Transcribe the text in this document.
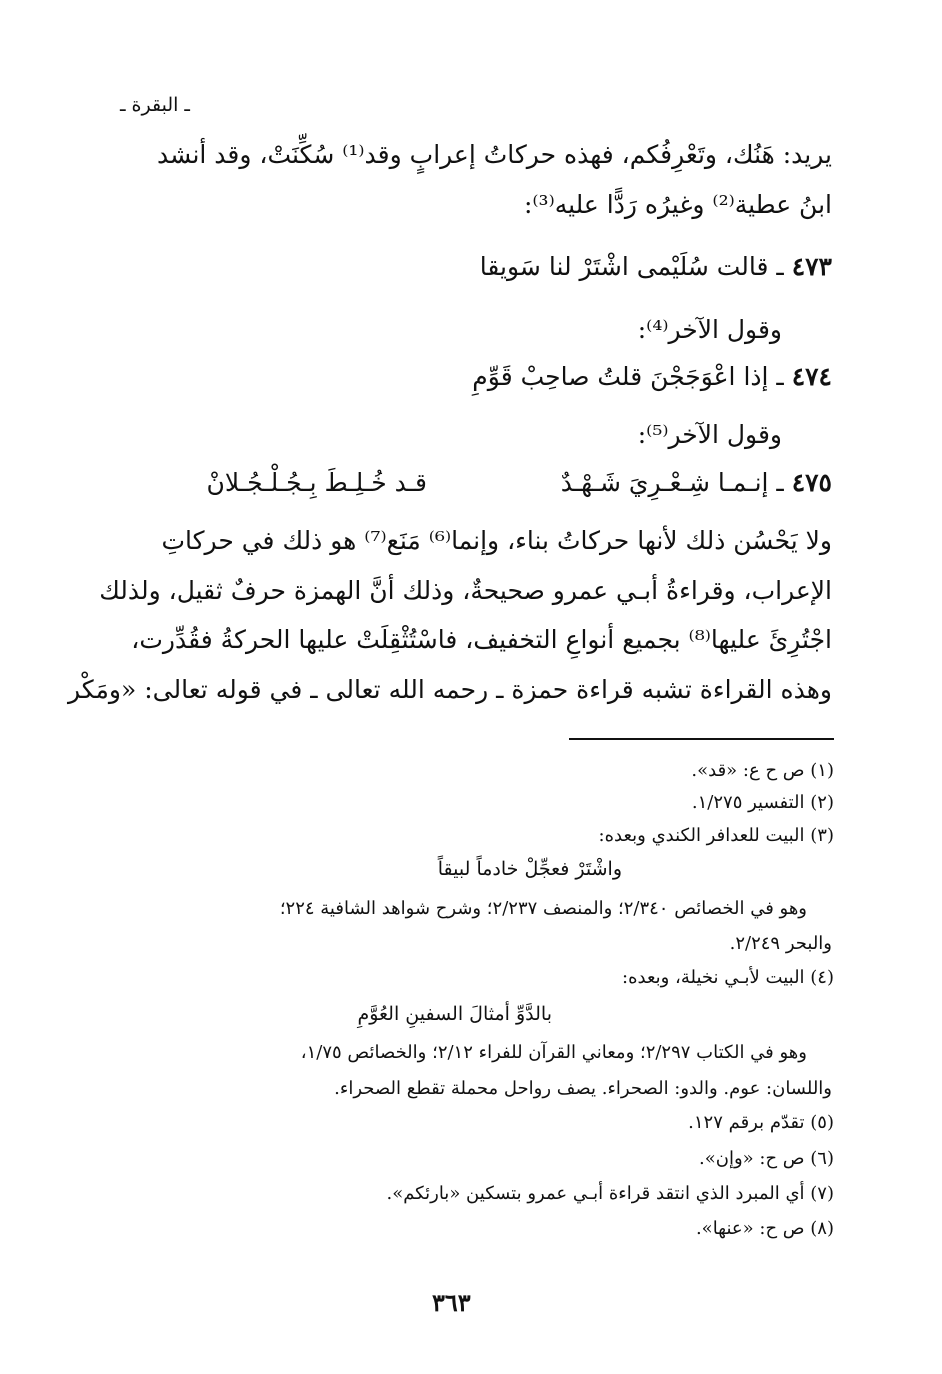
ـ البقرة ـ
يريد: هَنُك، وتَعْرِفُكم، فهذه حركاتُ إعرابٍ وقد⁽¹⁾ سُكِّنَتْ، وقد أنشد
ابنُ عطية⁽²⁾ وغيرُه رَدًّا عليه⁽³⁾:
٤٧٣ ـ قالت سُلَيْمى اشْتَرْ لنا سَويقا
وقول الآخر⁽⁴⁾:
٤٧٤ ـ إذا اعْوَجَجْنَ قلتُ صاحِبْ قَوِّمِ
وقول الآخر⁽⁵⁾:
٤٧٥ ـ إنـمـا شِـعْـرِيَ شَـهْـدٌ
قـد خُـلِـطَ بِـجُـلْـجُـلانْ
ولا يَحْسُن ذلك لأنها حركاتُ بناء، وإنما⁽⁶⁾ مَنَع⁽⁷⁾ هو ذلك في حركاتِ
الإعراب، وقراءةُ أبـي عمرو صحيحةٌ، وذلك أنَّ الهمزة حرفٌ ثقيل، ولذلك
اجْتُرِئَ عليها⁽⁸⁾ بجميع أنواعِ التخفيف، فاسْتُثْقِلَتْ عليها الحركةُ فقُدِّرت،
وهذه القراءة تشبه قراءة حمزة ـ رحمه الله تعالى ـ في قوله تعالى: «ومَكْر
(١) ص ح ع: «قد».
(٢) التفسير ١/٢٧٥.
(٣) البيت للعدافر الكندي وبعده:
واشْتَرْ فعجِّلْ خادماً لبيقاً
وهو في الخصائص ٢/٣٤٠؛ والمنصف ٢/٢٣٧؛ وشرح شواهد الشافية ٢٢٤؛
والبحر ٢/٢٤٩.
(٤) البيت لأبـي نخيلة، وبعده:
بالدَّوِّ أمثالَ السفينِ العُوَّمِ
وهو في الكتاب ٢/٢٩٧؛ ومعاني القرآن للفراء ٢/١٢؛ والخصائص ١/٧٥،
واللسان: عوم. والدو: الصحراء. يصف رواحل محملة تقطع الصحراء.
(٥) تقدّم برقم ١٢٧.
(٦) ص ح: «وإن».
(٧) أي المبرد الذي انتقد قراءة أبـي عمرو بتسكين «بارئكم».
(٨) ص ح: «عنها».
٣٦٣
